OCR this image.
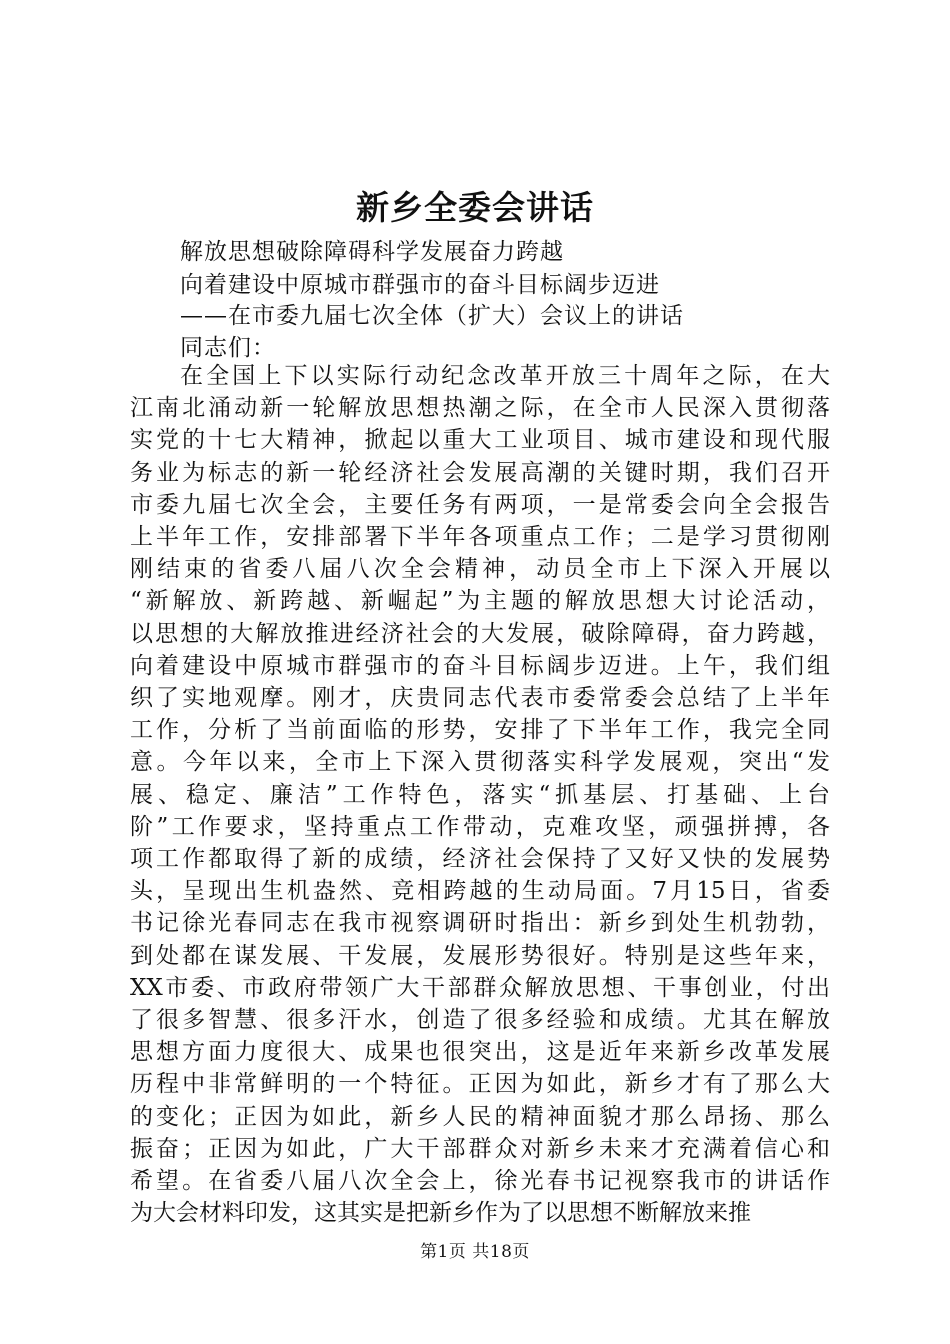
新乡全委会讲话
解放思想破除障碍科学发展奋力跨越
向着建设中原城市群强市的奋斗目标阔步迈进
——在市委九届七次全体（扩大）会议上的讲话
同志们：
在全国上下以实际行动纪念改革开放三十周年之际，在大
江南北涌动新一轮解放思想热潮之际，在全市人民深入贯彻落
实党的十七大精神，掀起以重大工业项目、城市建设和现代服
务业为标志的新一轮经济社会发展高潮的关键时期，我们召开
市委九届七次全会，主要任务有两项，一是常委会向全会报告
上半年工作，安排部署下半年各项重点工作；二是学习贯彻刚
刚结束的省委八届八次全会精神，动员全市上下深入开展以
“新解放、新跨越、新崛起”为主题的解放思想大讨论活动，
以思想的大解放推进经济社会的大发展，破除障碍，奋力跨越，
向着建设中原城市群强市的奋斗目标阔步迈进。上午，我们组
织了实地观摩。刚才，庆贵同志代表市委常委会总结了上半年
工作，分析了当前面临的形势，安排了下半年工作，我完全同
意。今年以来，全市上下深入贯彻落实科学发展观，突出“发
展、稳定、廉洁”工作特色，落实“抓基层、打基础、上台
阶”工作要求，坚持重点工作带动，克难攻坚，顽强拼搏，各
项工作都取得了新的成绩，经济社会保持了又好又快的发展势
头，呈现出生机盎然、竞相跨越的生动局面。7月15日，省委
书记徐光春同志在我市视察调研时指出：新乡到处生机勃勃，
到处都在谋发展、干发展，发展形势很好。特别是这些年来，
XX市委、市政府带领广大干部群众解放思想、干事创业，付出
了很多智慧、很多汗水，创造了很多经验和成绩。尤其在解放
思想方面力度很大、成果也很突出，这是近年来新乡改革发展
历程中非常鲜明的一个特征。正因为如此，新乡才有了那么大
的变化；正因为如此，新乡人民的精神面貌才那么昂扬、那么
振奋；正因为如此，广大干部群众对新乡未来才充满着信心和
希望。在省委八届八次全会上，徐光春书记视察我市的讲话作
为大会材料印发，这其实是把新乡作为了以思想不断解放来推
第1页 共18页
